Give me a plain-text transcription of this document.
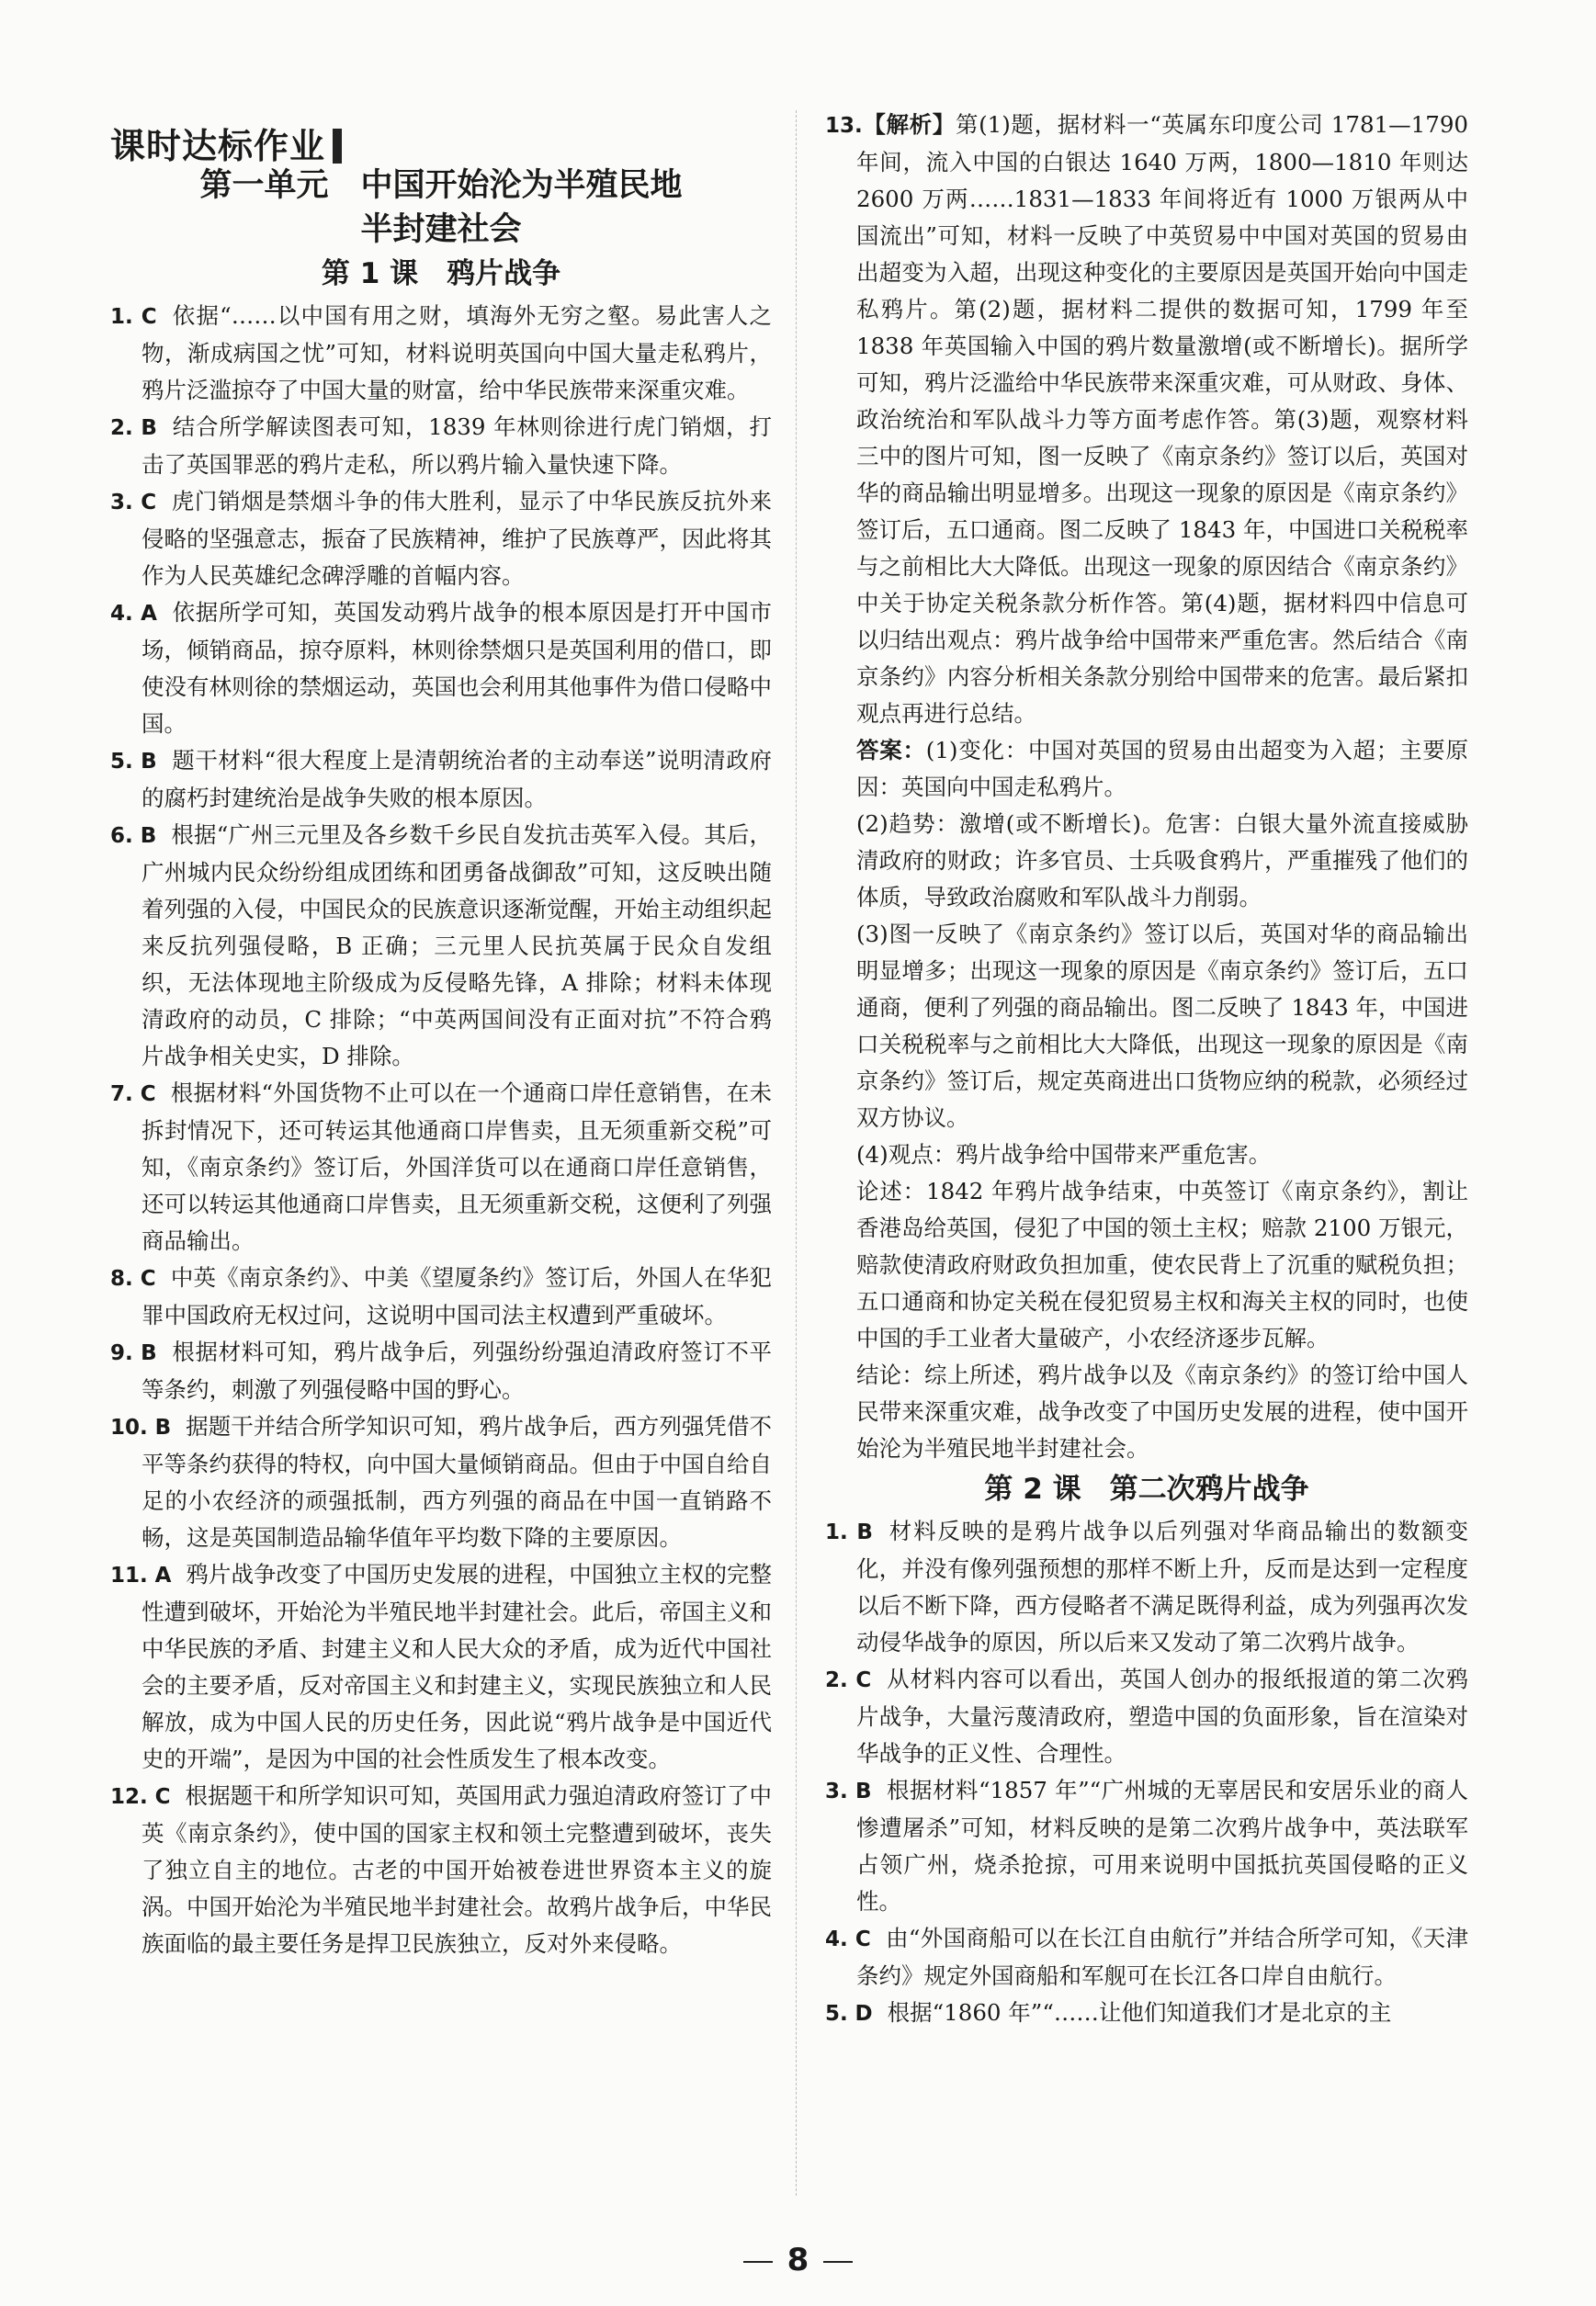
课时达标作业
第一单元　中国开始沦为半殖民地
半封建社会
第 1 课　鸦片战争
1. C 依据“……以中国有用之财，填海外无穷之壑。易此害人之物，渐成病国之忧”可知，材料说明英国向中国大量走私鸦片，鸦片泛滥掠夺了中国大量的财富，给中华民族带来深重灾难。
2. B 结合所学解读图表可知，1839 年林则徐进行虎门销烟，打击了英国罪恶的鸦片走私，所以鸦片输入量快速下降。
3. C 虎门销烟是禁烟斗争的伟大胜利，显示了中华民族反抗外来侵略的坚强意志，振奋了民族精神，维护了民族尊严，因此将其作为人民英雄纪念碑浮雕的首幅内容。
4. A 依据所学可知，英国发动鸦片战争的根本原因是打开中国市场，倾销商品，掠夺原料，林则徐禁烟只是英国利用的借口，即使没有林则徐的禁烟运动，英国也会利用其他事件为借口侵略中国。
5. B 题干材料“很大程度上是清朝统治者的主动奉送”说明清政府的腐朽封建统治是战争失败的根本原因。
6. B 根据“广州三元里及各乡数千乡民自发抗击英军入侵。其后，广州城内民众纷纷组成团练和团勇备战御敌”可知，这反映出随着列强的入侵，中国民众的民族意识逐渐觉醒，开始主动组织起来反抗列强侵略，B 正确；三元里人民抗英属于民众自发组织，无法体现地主阶级成为反侵略先锋，A 排除；材料未体现清政府的动员，C 排除；“中英两国间没有正面对抗”不符合鸦片战争相关史实，D 排除。
7. C 根据材料“外国货物不止可以在一个通商口岸任意销售，在未拆封情况下，还可转运其他通商口岸售卖，且无须重新交税”可知，《南京条约》签订后，外国洋货可以在通商口岸任意销售，还可以转运其他通商口岸售卖，且无须重新交税，这便利了列强商品输出。
8. C 中英《南京条约》、中美《望厦条约》签订后，外国人在华犯罪中国政府无权过问，这说明中国司法主权遭到严重破坏。
9. B 根据材料可知，鸦片战争后，列强纷纷强迫清政府签订不平等条约，刺激了列强侵略中国的野心。
10. B 据题干并结合所学知识可知，鸦片战争后，西方列强凭借不平等条约获得的特权，向中国大量倾销商品。但由于中国自给自足的小农经济的顽强抵制，西方列强的商品在中国一直销路不畅，这是英国制造品输华值年平均数下降的主要原因。
11. A 鸦片战争改变了中国历史发展的进程，中国独立主权的完整性遭到破坏，开始沦为半殖民地半封建社会。此后，帝国主义和中华民族的矛盾、封建主义和人民大众的矛盾，成为近代中国社会的主要矛盾，反对帝国主义和封建主义，实现民族独立和人民解放，成为中国人民的历史任务，因此说“鸦片战争是中国近代史的开端”，是因为中国的社会性质发生了根本改变。
12. C 根据题干和所学知识可知，英国用武力强迫清政府签订了中英《南京条约》，使中国的国家主权和领土完整遭到破坏，丧失了独立自主的地位。古老的中国开始被卷进世界资本主义的旋涡。中国开始沦为半殖民地半封建社会。故鸦片战争后，中华民族面临的最主要任务是捍卫民族独立，反对外来侵略。
13.【解析】第(1)题，据材料一“英属东印度公司 1781—1790 年间，流入中国的白银达 1640 万两，1800—1810 年则达 2600 万两……1831—1833 年间将近有 1000 万银两从中国流出”可知，材料一反映了中英贸易中中国对英国的贸易由出超变为入超，出现这种变化的主要原因是英国开始向中国走私鸦片。第(2)题，据材料二提供的数据可知，1799 年至 1838 年英国输入中国的鸦片数量激增(或不断增长)。据所学可知，鸦片泛滥给中华民族带来深重灾难，可从财政、身体、政治统治和军队战斗力等方面考虑作答。第(3)题，观察材料三中的图片可知，图一反映了《南京条约》签订以后，英国对华的商品输出明显增多。出现这一现象的原因是《南京条约》签订后，五口通商。图二反映了 1843 年，中国进口关税税率与之前相比大大降低。出现这一现象的原因结合《南京条约》中关于协定关税条款分析作答。第(4)题，据材料四中信息可以归结出观点：鸦片战争给中国带来严重危害。然后结合《南京条约》内容分析相关条款分别给中国带来的危害。最后紧扣观点再进行总结。
答案：(1)变化：中国对英国的贸易由出超变为入超；主要原因：英国向中国走私鸦片。
(2)趋势：激增(或不断增长)。危害：白银大量外流直接威胁清政府的财政；许多官员、士兵吸食鸦片，严重摧残了他们的体质，导致政治腐败和军队战斗力削弱。
(3)图一反映了《南京条约》签订以后，英国对华的商品输出明显增多；出现这一现象的原因是《南京条约》签订后，五口通商，便利了列强的商品输出。图二反映了 1843 年，中国进口关税税率与之前相比大大降低，出现这一现象的原因是《南京条约》签订后，规定英商进出口货物应纳的税款，必须经过双方协议。
(4)观点：鸦片战争给中国带来严重危害。
论述：1842 年鸦片战争结束，中英签订《南京条约》，割让香港岛给英国，侵犯了中国的领土主权；赔款 2100 万银元，赔款使清政府财政负担加重，使农民背上了沉重的赋税负担；五口通商和协定关税在侵犯贸易主权和海关主权的同时，也使中国的手工业者大量破产，小农经济逐步瓦解。
结论：综上所述，鸦片战争以及《南京条约》的签订给中国人民带来深重灾难，战争改变了中国历史发展的进程，使中国开始沦为半殖民地半封建社会。
第 2 课　第二次鸦片战争
1. B 材料反映的是鸦片战争以后列强对华商品输出的数额变化，并没有像列强预想的那样不断上升，反而是达到一定程度以后不断下降，西方侵略者不满足既得利益，成为列强再次发动侵华战争的原因，所以后来又发动了第二次鸦片战争。
2. C 从材料内容可以看出，英国人创办的报纸报道的第二次鸦片战争，大量污蔑清政府，塑造中国的负面形象，旨在渲染对华战争的正义性、合理性。
3. B 根据材料“1857 年”“广州城的无辜居民和安居乐业的商人惨遭屠杀”可知，材料反映的是第二次鸦片战争中，英法联军占领广州，烧杀抢掠，可用来说明中国抵抗英国侵略的正义性。
4. C 由“外国商船可以在长江自由航行”并结合所学可知，《天津条约》规定外国商船和军舰可在长江各口岸自由航行。
5. D 根据“1860 年”“……让他们知道我们才是北京的主
8
